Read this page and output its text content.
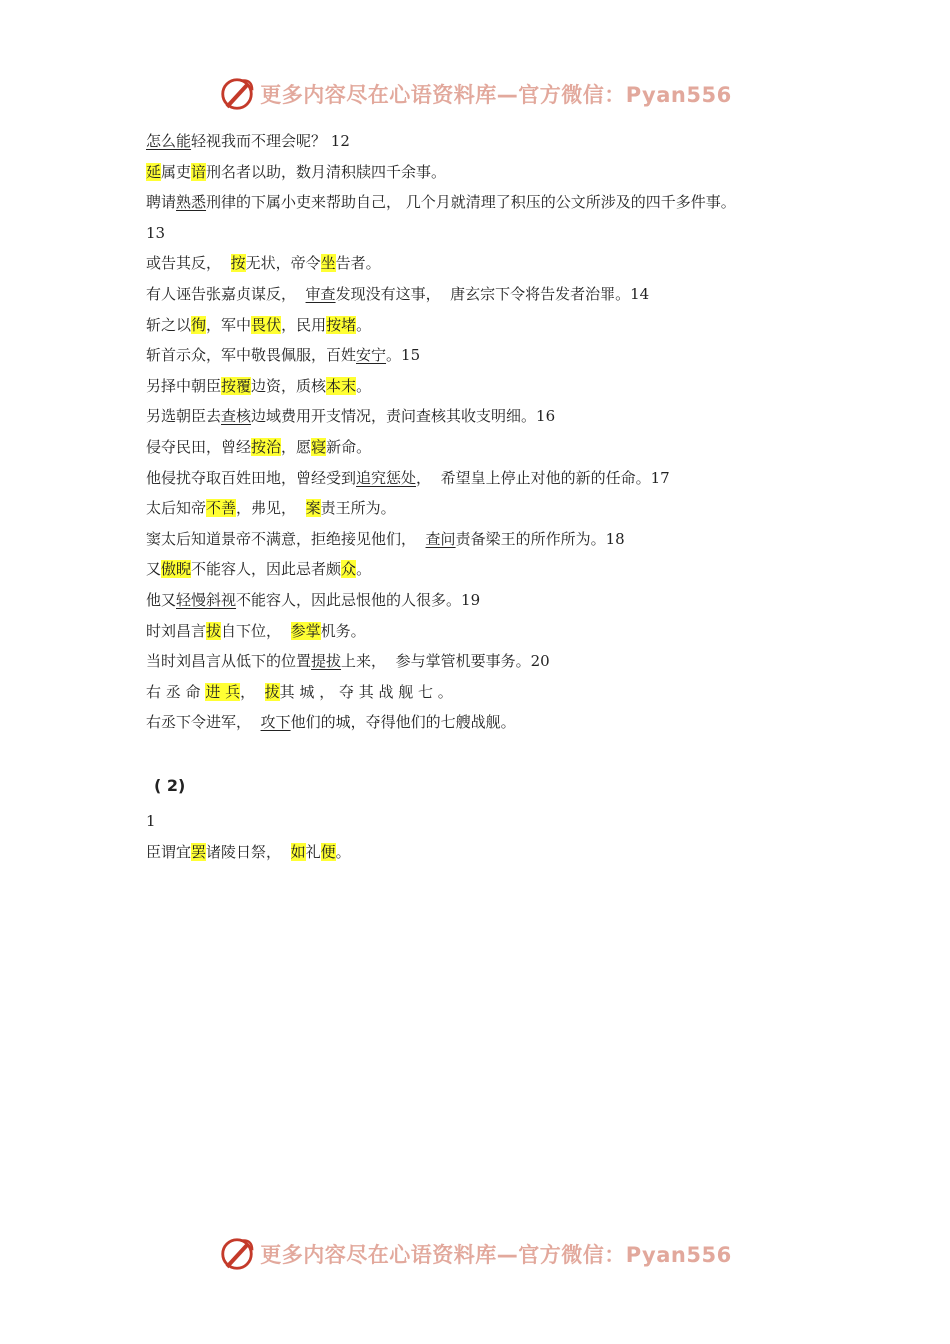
更多内容尽在心语资料库—官方微信：Pyan556
怎么能轻视我而不理会呢？ 12
延属吏谙刑名者以助，数月清积牍四千余事。
聘请熟悉刑律的下属小吏来帮助自己， 几个月就清理了积压的公文所涉及的四千多件事。
13
或告其反，  按无状，帝令坐告者。
有人诬告张嘉贞谋反，  审查发现没有这事，  唐玄宗下令将告发者治罪。14
斩之以徇，军中畏伏，民用按堵。
斩首示众，军中敬畏佩服，百姓安宁。15
另择中朝臣按覆边资，质核本末。
另选朝臣去查核边域费用开支情况，责问查核其收支明细。16
侵夺民田，曾经按治，愿寝新命。
他侵扰夺取百姓田地，曾经受到追究惩处，  希望皇上停止对他的新的任命。17
太后知帝不善，弗见，  案责王所为。
窦太后知道景帝不满意，拒绝接见他们，  查问责备梁王的所作所为。18
又傲睨不能容人，因此忌者颇众。
他又轻慢斜视不能容人，因此忌恨他的人很多。19
时刘昌言拔自下位，  参掌机务。
当时刘昌言从低下的位置提拔上来，  参与掌管机要事务。20
右 丞 命 进 兵，  拔其 城 ， 夺 其 战 舰 七 。
右丞下令进军，  攻下他们的城，夺得他们的七艘战舰。
( 2)
1
臣谓宜罢诸陵日祭，  如礼便。
更多内容尽在心语资料库—官方微信：Pyan556
